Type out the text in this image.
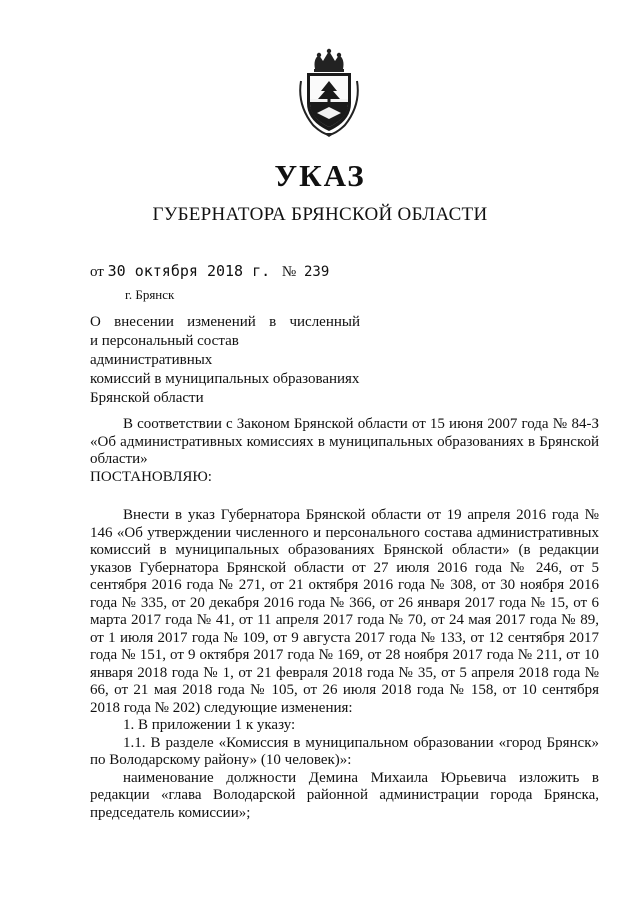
УКАЗ
ГУБЕРНАТОРА БРЯНСКОЙ ОБЛАСТИ
от 30 октября 2018 г. № 239
г. Брянск
О внесении изменений в численный
и персональный состав административных
комиссий в муниципальных образованиях
Брянской области

В соответствии с Законом Брянской области от 15 июня 2007 года № 84-З «Об административных комиссиях в муниципальных образованиях в Брянской области»

ПОСТАНОВЛЯЮ:

Внести в указ Губернатора Брянской области от 19 апреля 2016 года № 146 «Об утверждении численного и персонального состава административных комиссий в муниципальных образованиях Брянской области» (в редакции указов Губернатора Брянской области от 27 июля 2016 года № 246, от 5 сентября 2016 года № 271, от 21 октября 2016 года № 308, от 30 ноября 2016 года № 335, от 20 декабря 2016 года № 366, от 26 января 2017 года № 15, от 6 марта 2017 года № 41, от 11 апреля 2017 года № 70, от 24 мая 2017 года № 89, от 1 июля 2017 года № 109, от 9 августа 2017 года № 133, от 12 сентября 2017 года № 151, от 9 октября 2017 года № 169, от 28 ноября 2017 года № 211, от 10 января 2018 года № 1, от 21 февраля 2018 года № 35, от 5 апреля 2018 года № 66, от 21 мая 2018 года № 105, от 26 июля 2018 года № 158, от 10 сентября 2018 года № 202) следующие изменения:

1. В приложении 1 к указу:

1.1. В разделе «Комиссия в муниципальном образовании «город Брянск» по Володарскому району» (10 человек)»:

наименование должности Демина Михаила Юрьевича изложить в редакции «глава Володарской районной администрации города Брянска, председатель комиссии»;
